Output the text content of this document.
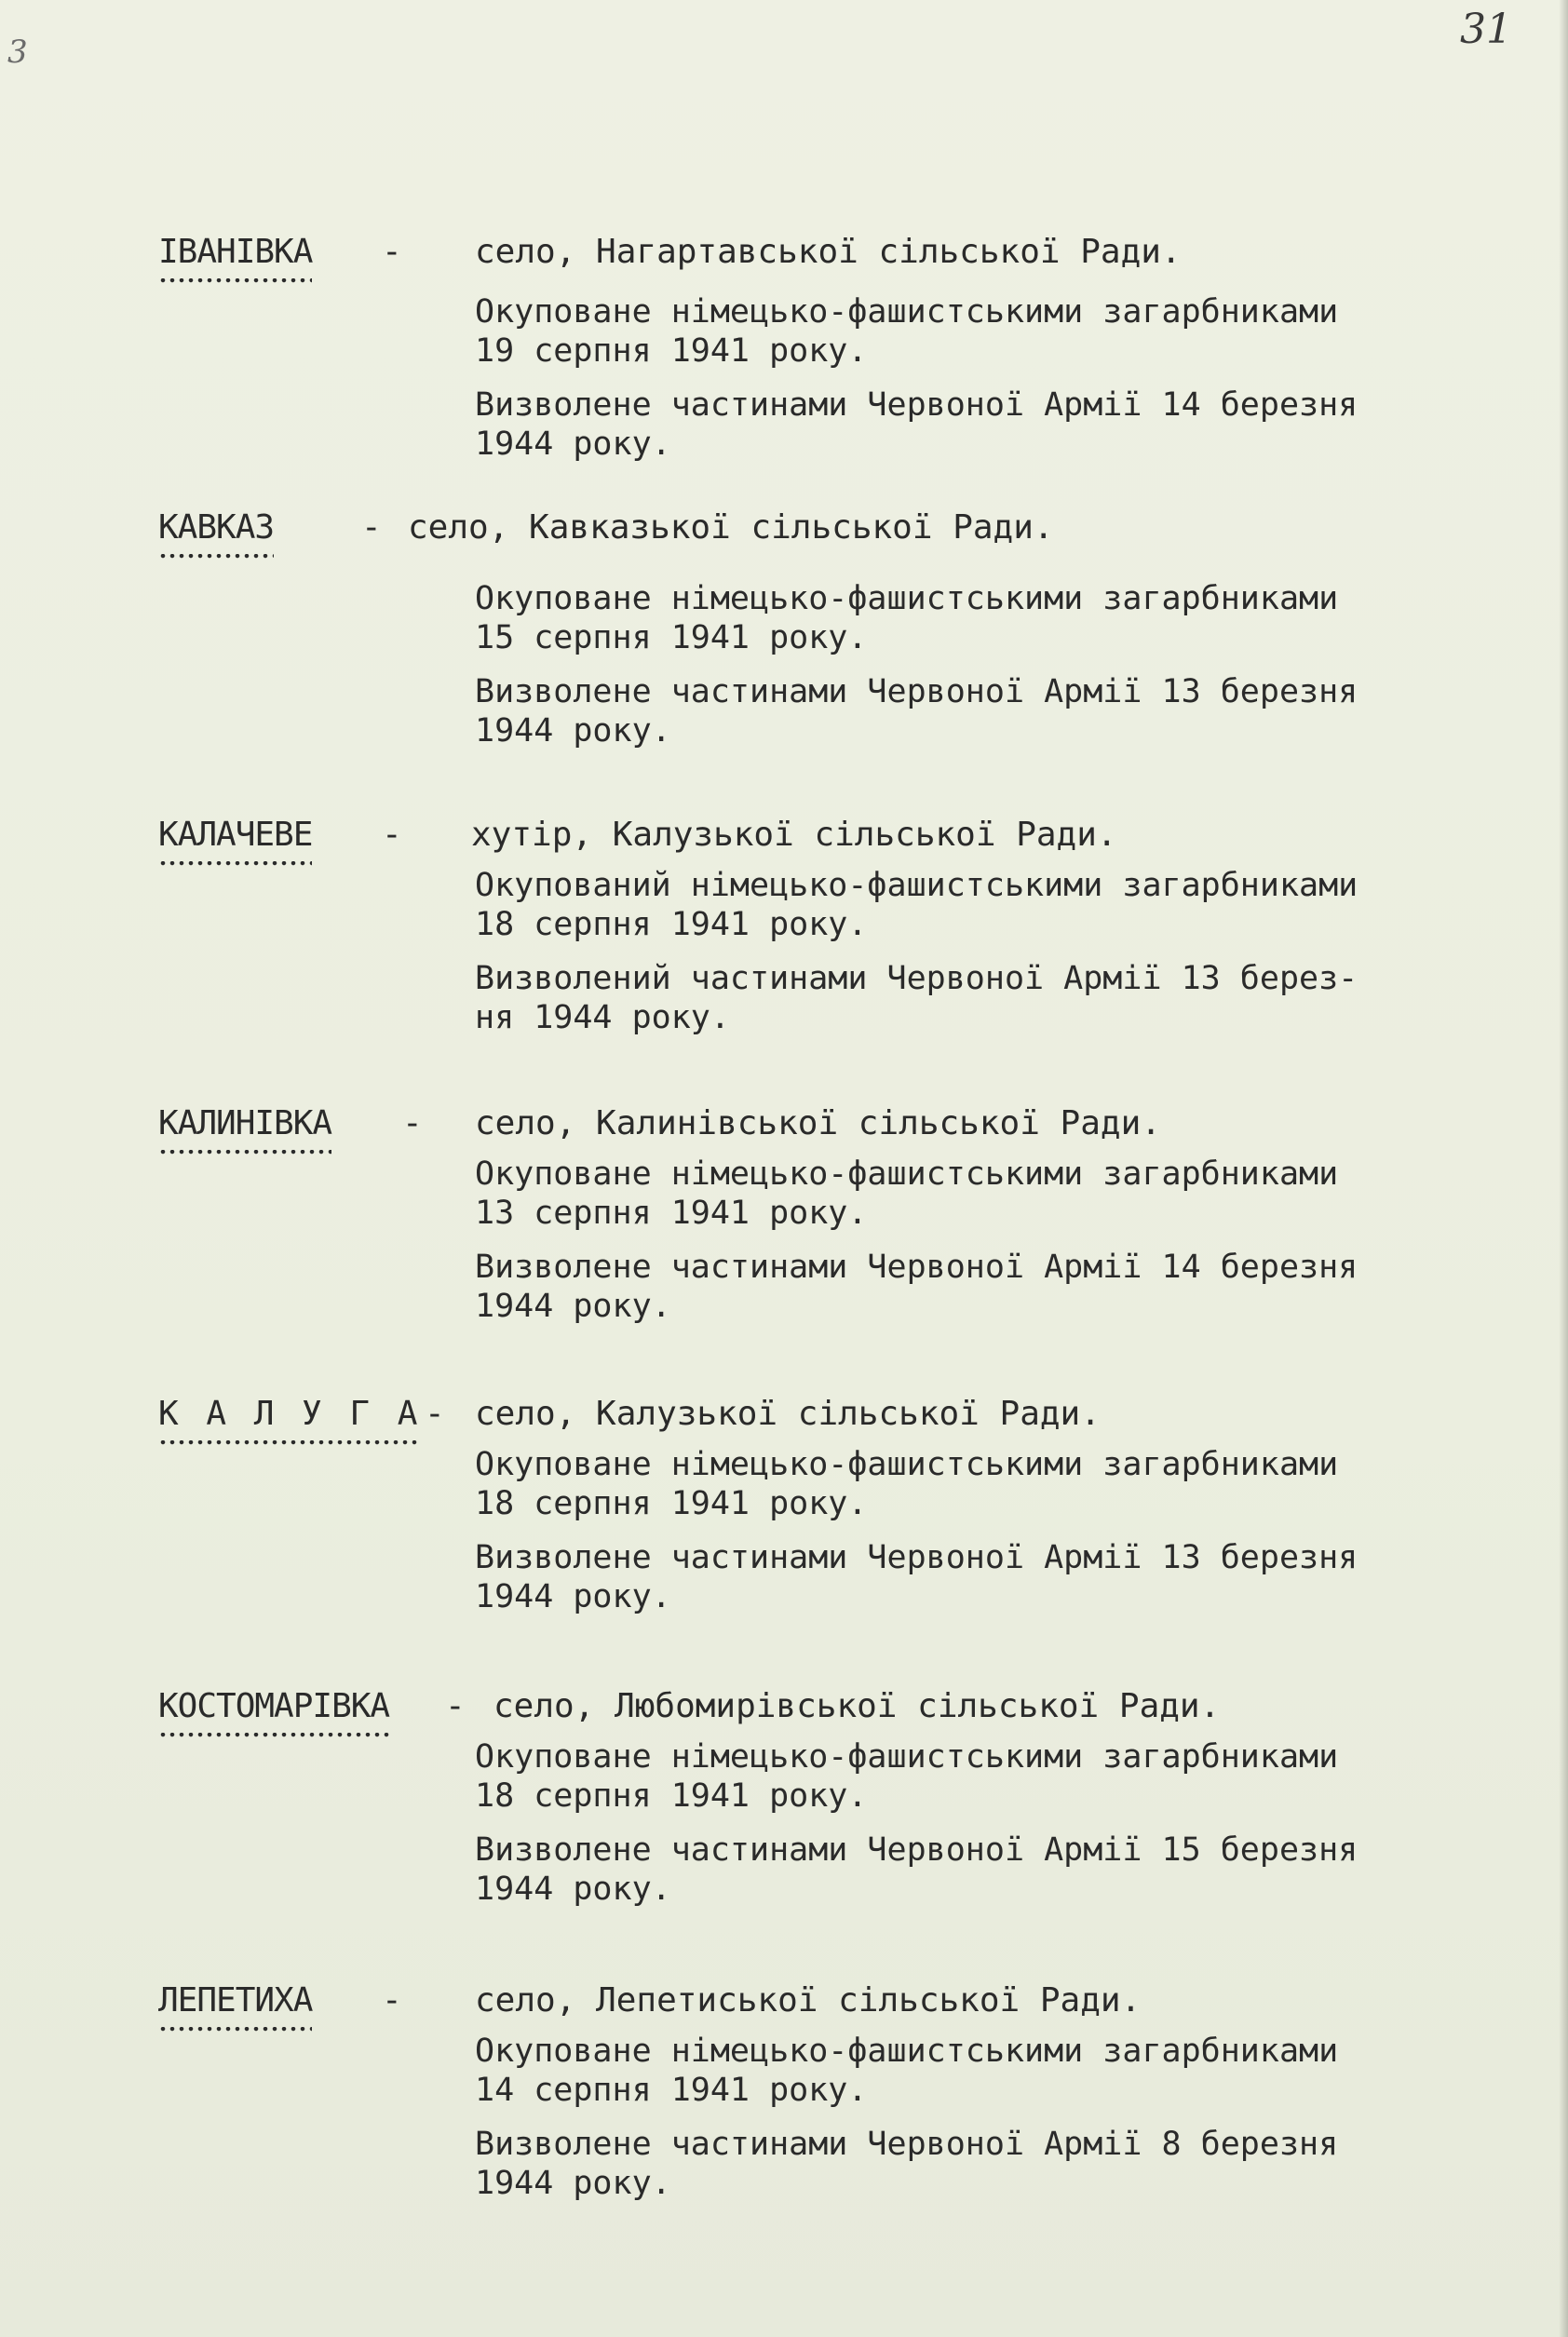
3	31
ІВАНІВКА - село, Нагартавської сільської Ради.

Окуповане німецько-фашистськими загарбниками

19 серпня 1941 року.

Визволене частинами Червоної Армії 14 березня

1944 року.

КАВКАЗ	- село, Кавказької сільської Ради.

Окуповане німецько-фашистськими загарбниками

15 серпня 1941 року.

Визволене частинами Червоної Армії 13 березня

1944 року.

КАЛАЧЕВЕ - хутір, Калузької сільської Ради.

Окупований німецько-фашистськими загарбниками

18 серпня 1941 року.

Визволений частинами Червоної Армії 13 берез-

ня 1944 року.

КАЛИНІВКА - село, Калинівської сільської Ради.

Окуповане німецько-фашистськими загарбниками

13 серпня 1941 року.

Визволене частинами Червоної Армії 14 березня

1944 року.

К А Л У Г А - село, Калузької сільської Ради.

Окуповане німецько-фашистськими загарбниками

18 серпня 1941 року.

Визволене частинами Червоної Армії 13 березня

1944 року.

КОСТОМАРІВКА - село, Любомирівської сільської Ради.

Окуповане німецько-фашистськими загарбниками

18 серпня 1941 року.

Визволене частинами Червоної Армії 15 березня

1944 року.

ЛЕПЕТИХА - село, Лепетиської сільської Ради.

Окуповане німецько-фашистськими загарбниками

14 серпня 1941 року.

Визволене частинами Червоної Армії 8 березня

1944 року.
